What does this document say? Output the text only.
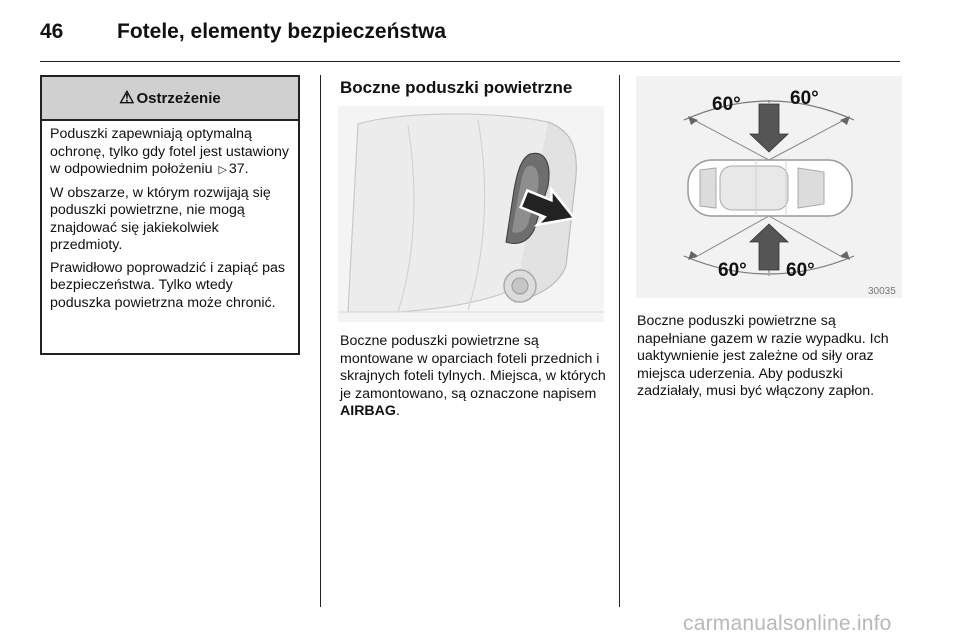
46	Fotele, elementy bezpieczeństwa
⚠ Ostrzeżenie

Poduszki zapewniają optymalną ochronę, tylko gdy fotel jest ustawiony w odpowiednim położeniu ▷ 37.

W obszarze, w którym rozwijają się poduszki powietrzne, nie mogą znajdować się jakiekolwiek przedmioty.

Prawidłowo poprowadzić i zapiąć pas bezpieczeństwa. Tylko wtedy poduszka powietrzna może chronić.

Boczne poduszki powietrzne
60°	60°
60° 60°
30035
Boczne poduszki powietrzne są montowane w oparciach foteli przednich i skrajnych foteli tylnych. Miejsca, w których je zamontowano, są oznaczone napisem AIRBAG.
Boczne poduszki powietrzne są napełniane gazem w razie wypadku. Ich uaktywnienie jest zależne od siły oraz miejsca uderzenia. Aby poduszki zadziałały, musi być włączony zapłon.
carmanualsonline.info
